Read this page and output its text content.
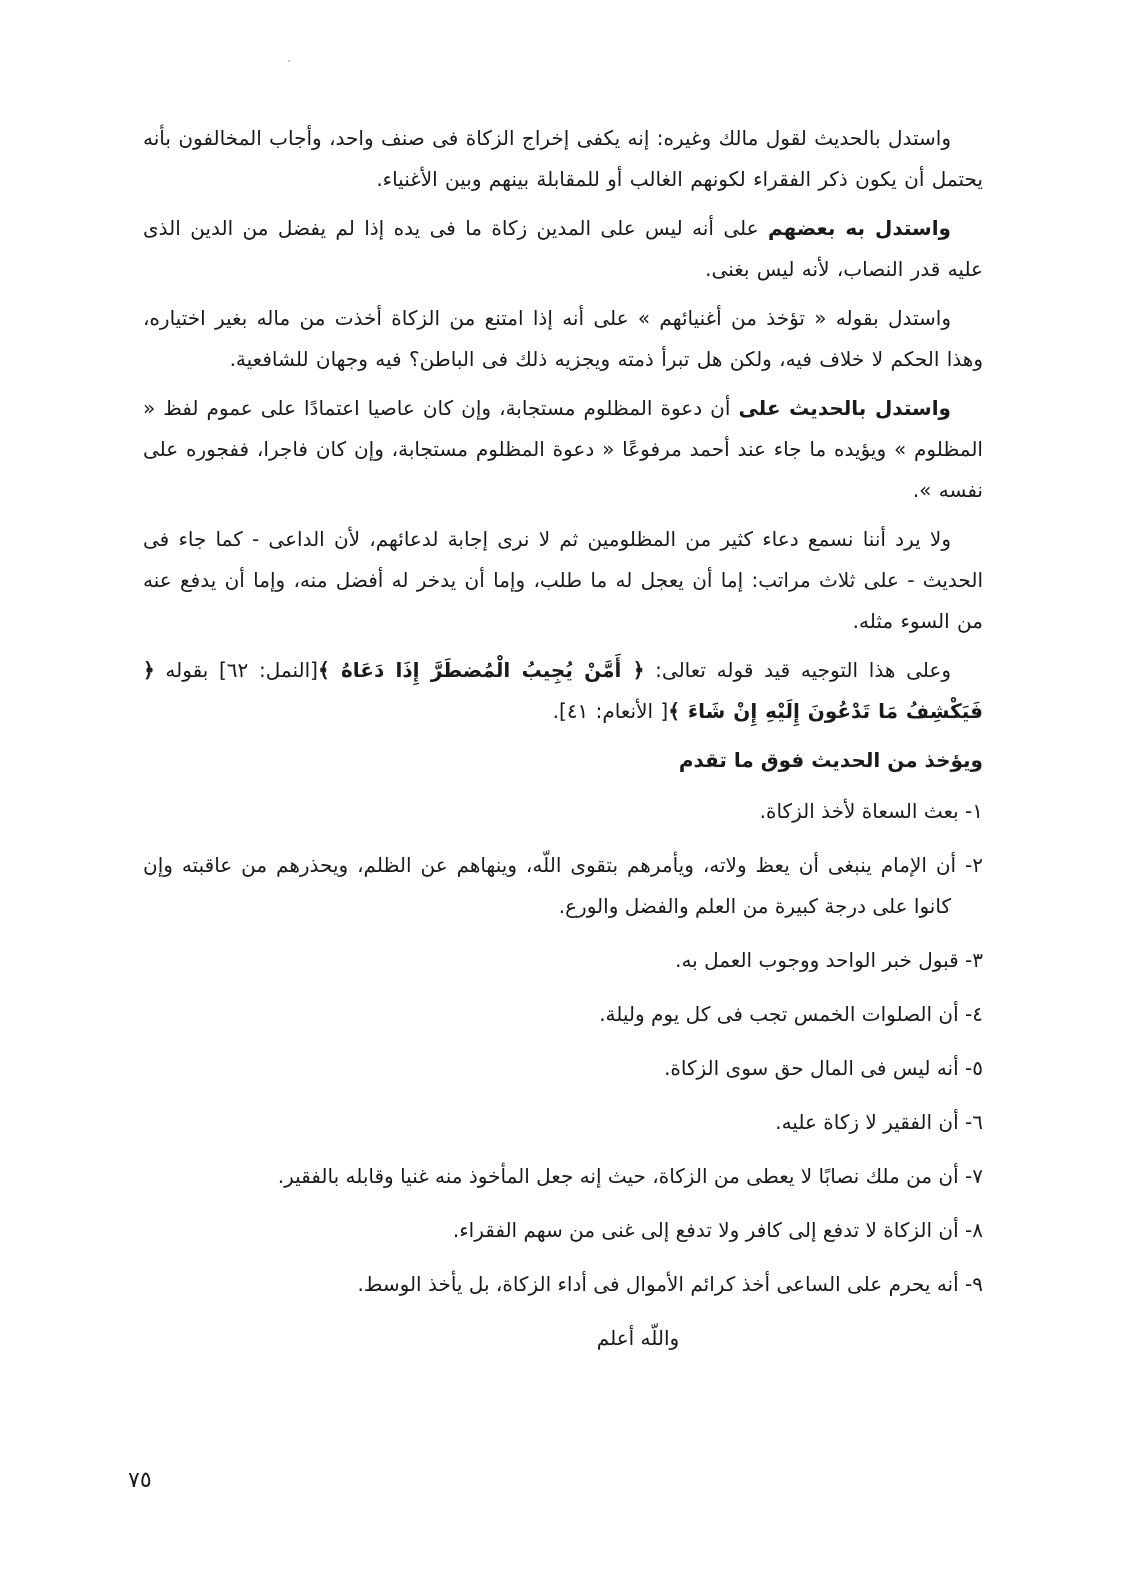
واستدل بالحديث لقول مالك وغيره: إنه يكفى إخراج الزكاة فى صنف واحد، وأجاب المخالفون بأنه يحتمل أن يكون ذكر الفقراء لكونهم الغالب أو للمقابلة بينهم وبين الأغنياء.

واستدل به بعضهم على أنه ليس على المدين زكاة ما فى يده إذا لم يفضل من الدين الذى عليه قدر النصاب، لأنه ليس بغنى.

واستدل بقوله « تؤخذ من أغنيائهم » على أنه إذا امتنع من الزكاة أخذت من ماله بغير اختياره، وهذا الحكم لا خلاف فيه، ولكن هل تبرأ ذمته ويجزيه ذلك فى الباطن؟ فيه وجهان للشافعية.

واستدل بالحديث على أن دعوة المظلوم مستجابة، وإن كان عاصيا اعتمادًا على عموم لفظ « المظلوم » ويؤيده ما جاء عند أحمد مرفوعًا « دعوة المظلوم مستجابة، وإن كان فاجرا، ففجوره على نفسه ».

ولا يرد أننا نسمع دعاء كثير من المظلومين ثم لا نرى إجابة لدعائهم، لأن الداعى - كما جاء فى الحديث - على ثلاث مراتب: إما أن يعجل له ما طلب، وإما أن يدخر له أفضل منه، وإما أن يدفع عنه من السوء مثله.

وعلى هذا التوجيه قيد قوله تعالى: ﴿ أَمَّنْ يُجِيبُ الْمُضطَرَّ إِذَا دَعَاهُ ﴾[النمل: ٦٢] بقوله ﴿ فَيَكْشِفُ مَا تَدْعُونَ إِلَيْهِ إِنْ شَاءَ ﴾[ الأنعام: ٤١].

ويؤخذ من الحديث فوق ما تقدم
١- بعث السعاة لأخذ الزكاة.
٢- أن الإمام ينبغى أن يعظ ولاته، ويأمرهم بتقوى اللّه، وينهاهم عن الظلم، ويحذرهم من عاقبته وإن كانوا على درجة كبيرة من العلم والفضل والورع.
٣- قبول خبر الواحد ووجوب العمل به.
٤- أن الصلوات الخمس تجب فى كل يوم وليلة.
٥- أنه ليس فى المال حق سوى الزكاة.
٦- أن الفقير لا زكاة عليه.
٧- أن من ملك نصابًا لا يعطى من الزكاة، حيث إنه جعل المأخوذ منه غنيا وقابله بالفقير.
٨- أن الزكاة لا تدفع إلى كافر ولا تدفع إلى غنى من سهم الفقراء.
٩- أنه يحرم على الساعى أخذ كرائم الأموال فى أداء الزكاة، بل يأخذ الوسط.
واللّه أعلم
٧٥
